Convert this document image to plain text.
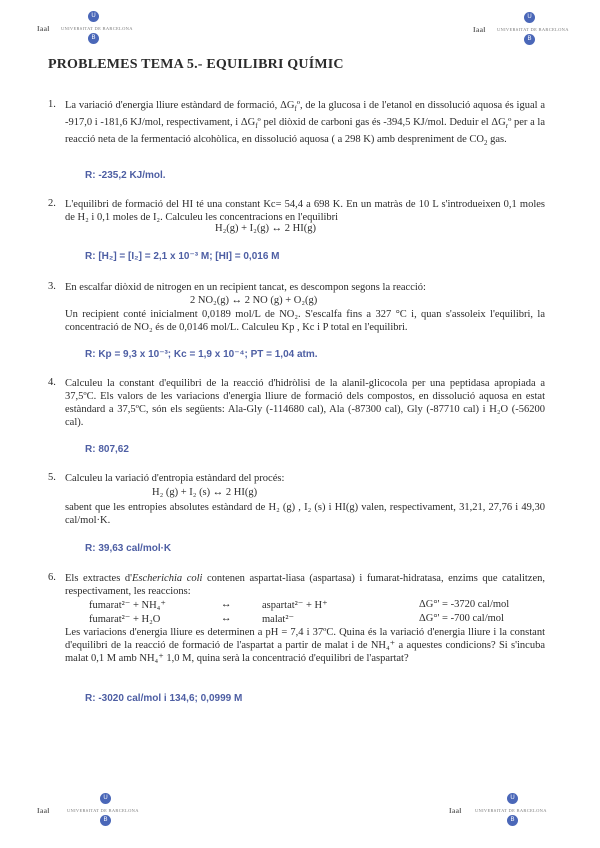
Iaal	UNIVERSITAT DE BARCELONA
U
B
Iaal	UNIVERSITAT DE BARCELONA
U
B
PROBLEMES TEMA 5.- EQUILIBRI QUÍMIC
1. La variació d'energia lliure estàndard de formació, $\Delta G_fº$, de la glucosa i de l'etanol en dissolució aquosa és igual a -917,0 i -181,6 KJ/mol, respectivament, i $\Delta G_fº$ pel diòxid de carboni gas és -394,5 KJ/mol. Deduir el $\Delta G_rº$ per a la reacció neta de la fermentació alcohòlica, en dissolució aquosa ( a 298 K) amb despreniment de $CO_2$ gas.
R: -235,2 KJ/mol.
2. L'equilibri de formació del HI té una constant Kc= 54,4 a 698 K. En un matràs de 10 L s'introdueixen 0,1 moles de H₂ i 0,1 moles de I₂. Calculeu les concentracions en l'equilibri
H₂(g) + I₂(g) ↔ 2 HI(g)
R: [H₂] = [I₂] = 2,1 x 10⁻³ M; [HI] = 0,016 M
3. En escalfar diòxid de nitrogen en un recipient tancat, es descompon segons la reacció:
2 NO₂(g) ↔ 2 NO (g) + O₂(g)
Un recipient conté inicialment 0,0189 mol/L de NO₂. S'escalfa fins a 327 °C i, quan s'assoleix l'equilibri, la concentració de NO₂ és de 0,0146 mol/L. Calculeu Kp , Kc i P total en l'equilibri.
R: Kp = 9,3 x 10⁻³; Kc = 1,9 x 10⁻⁴; PT = 1,04 atm.
4. Calculeu la constant d'equilibri de la reacció d'hidròlisi de la alanil-glicocola per una peptidasa apropiada a 37,5ºC. Els valors de les variacions d'energia lliure de formació dels compostos, en dissolució aquosa en estat estàndard a 37,5ºC, són els següents: Ala-Gly (-114680 cal), Ala (-87300 cal), Gly (-87710 cal) i H₂O (-56200 cal).
R: 807,62
5. Calculeu la variació d'entropia estàndard del procés:
H₂ (g) + I₂ (s) ↔ 2 HI(g)
sabent que les entropies absolutes estàndard de H₂ (g) , I₂ (s) i HI(g) valen, respectivament, 31,21, 27,76 i 49,30 cal/mol·K.
R: 39,63 cal/mol·K
6. Els extractes d'Escherichia coli contenen aspartat-liasa (aspartasa) i fumarat-hidratasa, enzims que catalitzen, respectivament, les reaccions:
fumarat²⁻ + NH₄⁺	↔	aspartat²⁻ + H⁺	ΔG°' = -3720 cal/mol
fumarat²⁻ + H₂O	↔	malat²⁻	ΔG°' = -700 cal/mol
Les variacions d'energia lliure es determinen a pH = 7,4 i 37ºC. Quina és la variació d'energia lliure i la constant d'equilibri de la reacció de formació de l'aspartat a partir de malat i de NH₄⁺ a aquestes condicions? Si s'incuba malat 0,1 M amb NH₄⁺ 1,0 M, quina serà la concentració d'equilibri de l'aspartat?
R: -3020 cal/mol i 134,6; 0,0999 M
Iaal	UNIVERSITAT DE BARCELONA
U
B
Iaal	UNIVERSITAT DE BARCELONA
U
B
